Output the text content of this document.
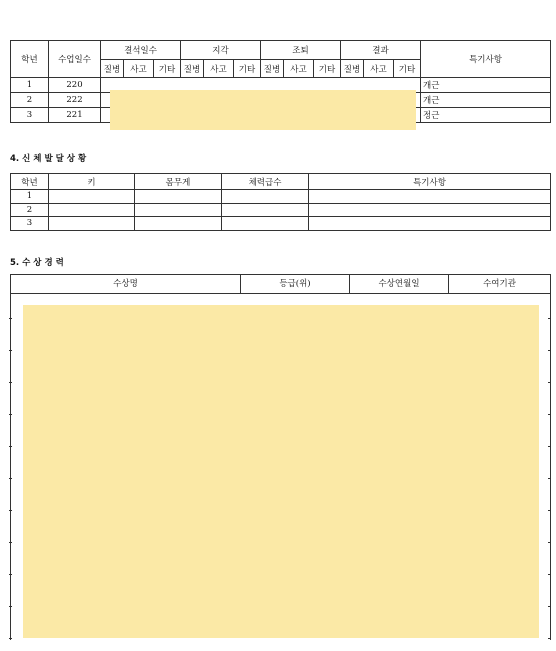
학년	수업일수	결석일수			지각			조퇴			결과			특기사항
		질병	사고	기타	질병	사고	기타	질병	사고	기타	질병	사고	기타	
1	220													개근
2	222													개근
3	221													정근
4. 신 체 발 달 상 황
학년	키	몸무게	체력급수	특기사항
1				
2				
3				
5. 수 상 경 력
수상명	등급(위)	수상연월일	수여기관
